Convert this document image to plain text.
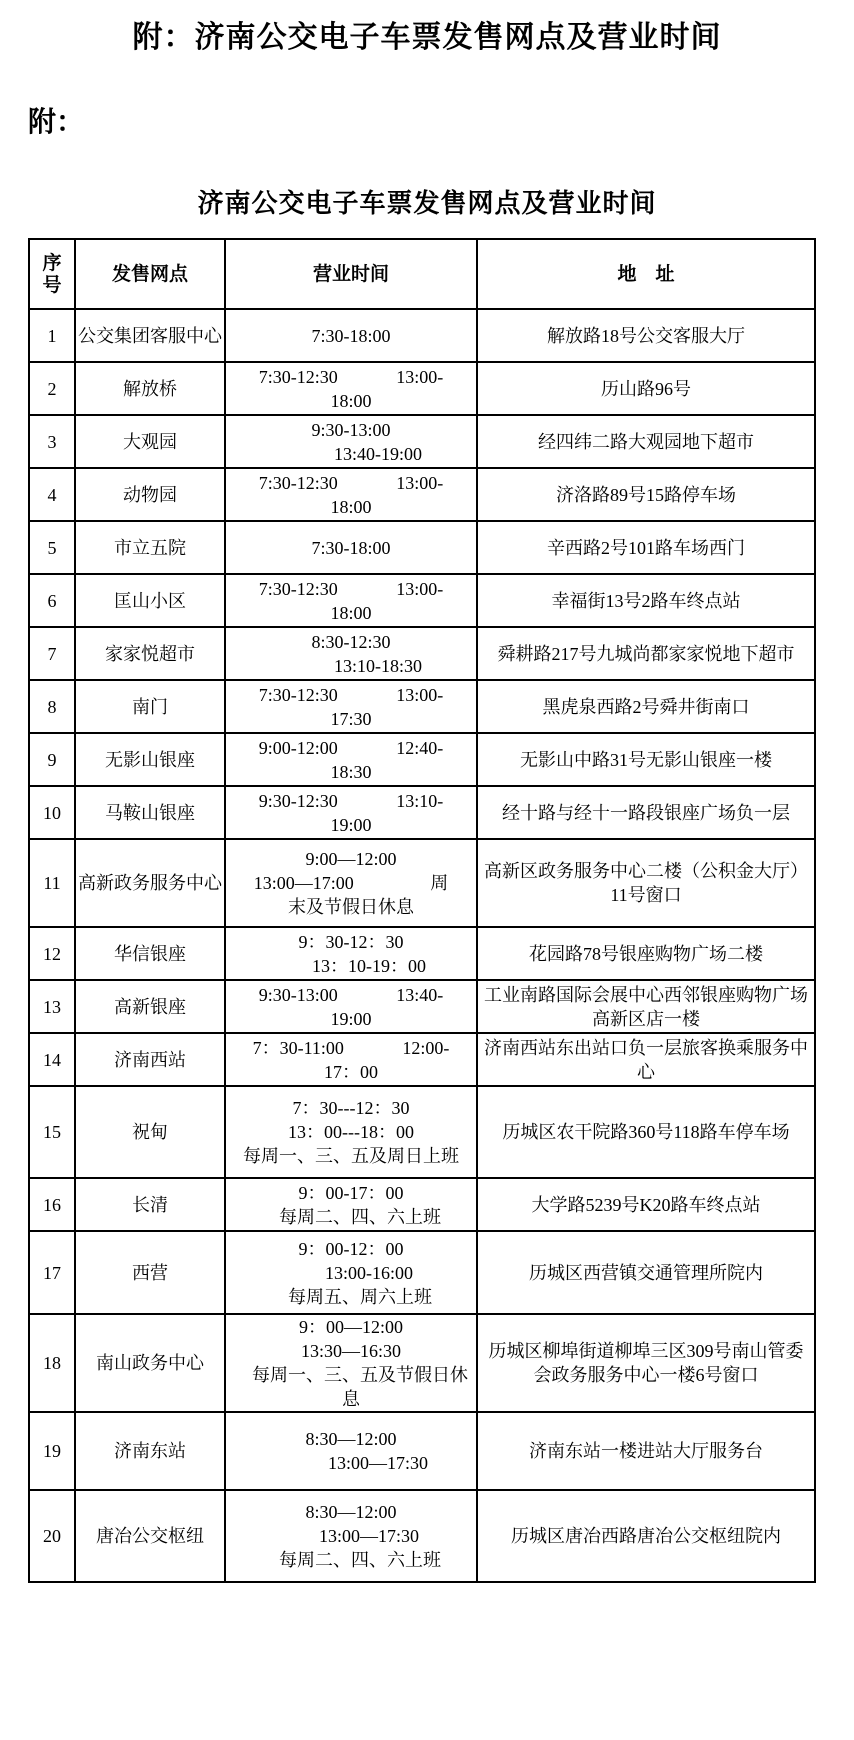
附：济南公交电子车票发售网点及营业时间
附：
济南公交电子车票发售网点及营业时间
序
号	发售网点	营业时间	地　址
1	公交集团客服中心	7:30-18:00	解放路18号公交客服大厅
2	解放桥	7:30-12:30　　　 13:00-
18:00	历山路96号
3	大观园	9:30-13:00
　　　13:40-19:00	经四纬二路大观园地下超市
4	动物园	7:30-12:30　　　 13:00-
18:00	济洛路89号15路停车场
5	市立五院	7:30-18:00	辛西路2号101路车场西门
6	匡山小区	7:30-12:30　　　 13:00-
18:00	幸福街13号2路车终点站
7	家家悦超市	8:30-12:30
　　　13:10-18:30	舜耕路217号九城尚都家家悦地下超市
8	南门	7:30-12:30　　　 13:00-
17:30	黑虎泉西路2号舜井街南口
9	无影山银座	9:00-12:00　　　 12:40-
18:30	无影山中路31号无影山银座一楼
10	马鞍山银座	9:30-12:30　　　 13:10-
19:00	经十路与经十一路段银座广场负一层
11	高新政务服务中心	9:00—12:00
13:00—17:00　　　　 周
末及节假日休息	高新区政务服务中心二楼（公积金大厅）11号窗口
12	华信银座	9：30-12：30
　　13：10-19：00	花园路78号银座购物广场二楼
13	高新银座	9:30-13:00　　　 13:40-
19:00	工业南路国际会展中心西邻银座购物广场高新区店一楼
14	济南西站	7：30-11:00　　　 12:00-
17：00	济南西站东出站口负一层旅客换乘服务中心
15	祝甸	7：30---12：30
13：00---18：00
每周一、三、五及周日上班	历城区农干院路360号118路车停车场
16	长清	9：00-17：00
　每周二、四、六上班	大学路5239号K20路车终点站
17	西营	9：00-12：00
　　13:00-16:00
　每周五、周六上班	历城区西营镇交通管理所院内
18	南山政务中心	9：00—12:00
13:30—16:30
　每周一、三、五及节假日休息	历城区柳埠街道柳埠三区309号南山管委会政务服务中心一楼6号窗口
19	济南东站	8:30—12:00
　　　13:00—17:30	济南东站一楼进站大厅服务台
20	唐冶公交枢纽	8:30—12:00
　　13:00—17:30
　每周二、四、六上班	历城区唐冶西路唐冶公交枢纽院内
